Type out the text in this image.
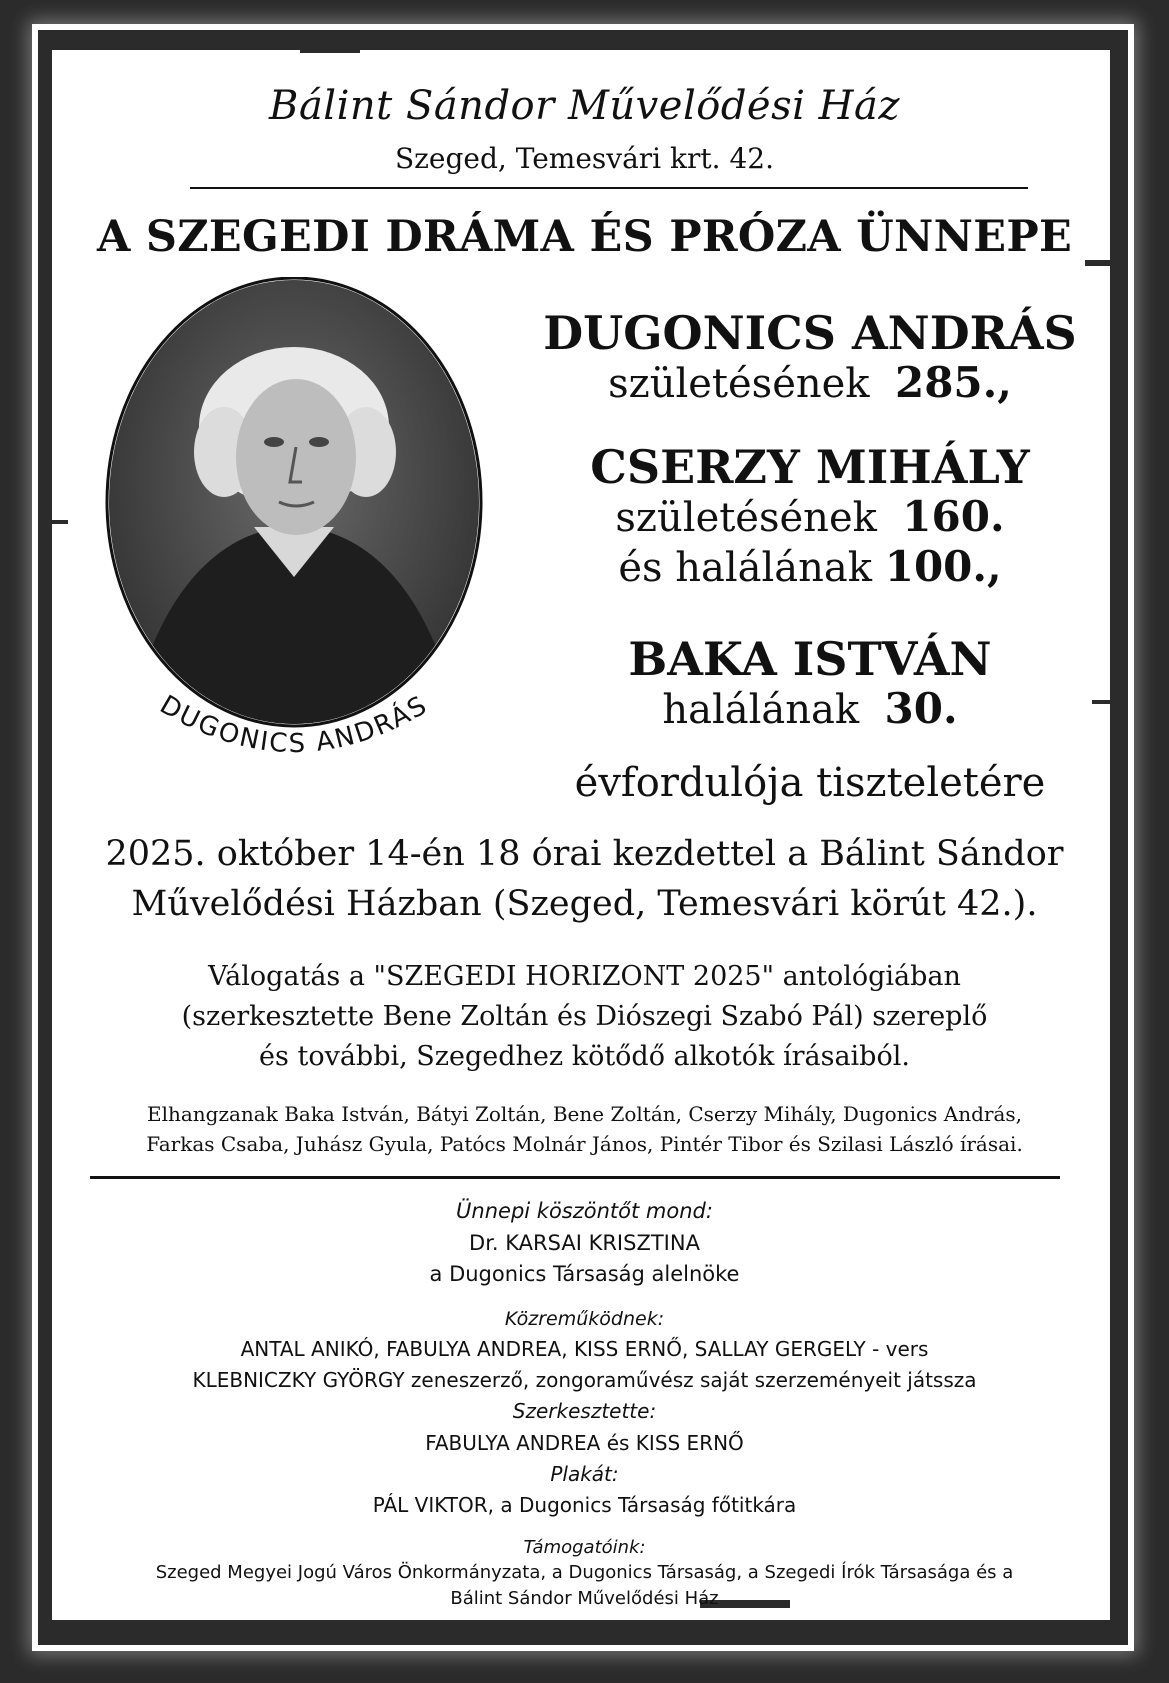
Bálint Sándor Művelődési Ház
Szeged, Temesvári krt. 42.
A SZEGEDI DRÁMA ÉS PRÓZA ÜNNEPE
DUGONICS ANDRÁS
DUGONICS ANDRÁS
születésének 285.,
CSERZY MIHÁLY
születésének 160.
és halálának 100.,
BAKA ISTVÁN
halálának 30.
évfordulója tiszteletére
2025. október 14-én 18 órai kezdettel a Bálint Sándor
Művelődési Házban (Szeged, Temesvári körút 42.).
Válogatás a "SZEGEDI HORIZONT 2025" antológiában
(szerkesztette Bene Zoltán és Diószegi Szabó Pál) szereplő
és további, Szegedhez kötődő alkotók írásaiból.
Elhangzanak Baka István, Bátyi Zoltán, Bene Zoltán, Cserzy Mihály, Dugonics András,
Farkas Csaba, Juhász Gyula, Patócs Molnár János, Pintér Tibor és Szilasi László írásai.
Ünnepi köszöntőt mond:
Dr. KARSAI KRISZTINA
a Dugonics Társaság alelnöke
Közreműködnek:
ANTAL ANIKÓ, FABULYA ANDREA, KISS ERNŐ, SALLAY GERGELY - vers
KLEBNICZKY GYÖRGY zeneszerző, zongoraművész saját szerzeményeit játssza
Szerkesztette:
FABULYA ANDREA és KISS ERNŐ
Plakát:
PÁL VIKTOR, a Dugonics Társaság főtitkára
Támogatóink:
Szeged Megyei Jogú Város Önkormányzata, a Dugonics Társaság, a Szegedi Írók Társasága és a
Bálint Sándor Művelődési Ház
